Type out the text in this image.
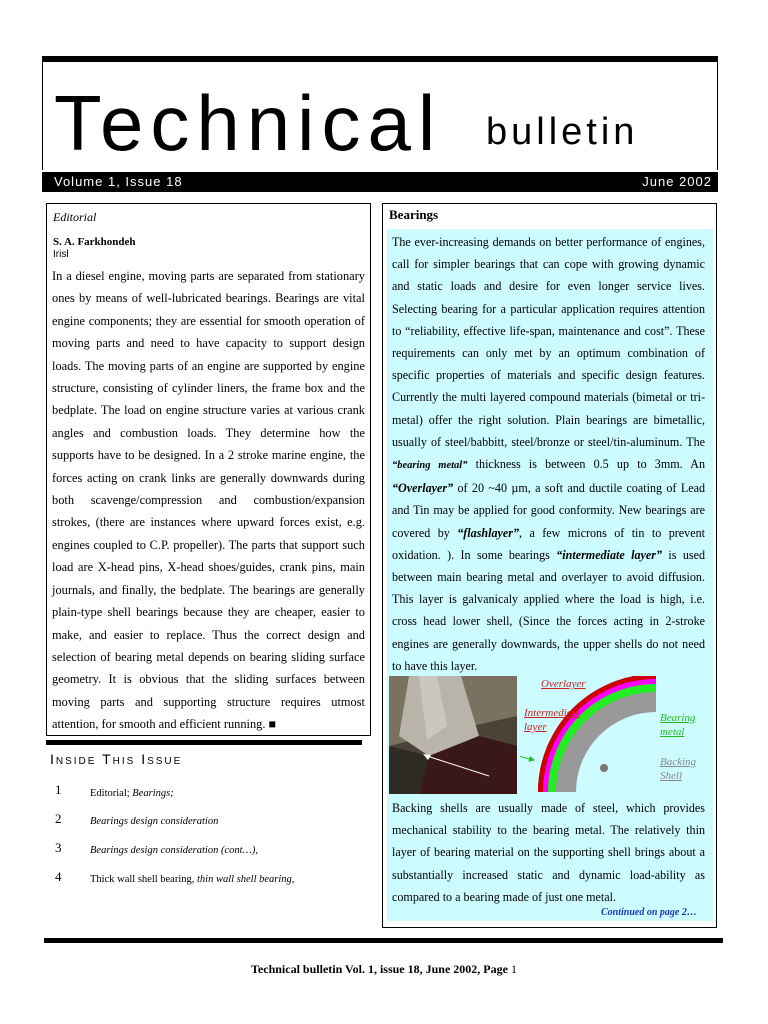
Technical bulletin
Volume 1, Issue 18	June 2002
Editorial
S. A. Farkhondeh
Irisl
In a diesel engine, moving parts are separated from stationary ones by means of well-lubricated bearings. Bearings are vital engine components; they are essential for smooth operation of moving parts and need to have capacity to support design loads. The moving parts of an engine are supported by engine structure, consisting of cylinder liners, the frame box and the bedplate. The load on engine structure varies at various crank angles and combustion loads. They determine how the supports have to be designed. In a 2 stroke marine engine, the forces acting on crank links are generally downwards during both scavenge/compression and combustion/expansion strokes, (there are instances where upward forces exist, e.g. engines coupled to C.P. propeller). The parts that support such load are X-head pins, X-head shoes/guides, crank pins, main journals, and finally, the bedplate. The bearings are generally plain-type shell bearings because they are cheaper, easier to make, and easier to replace. Thus the correct design and selection of bearing metal depends on bearing sliding surface geometry. It is obvious that the sliding surfaces between moving parts and supporting structure requires utmost attention, for smooth and efficient running. ■
Inside This Issue
1	Editorial; Bearings;
2	Bearings design consideration
3	Bearings design consideration (cont…),
4	Thick wall shell bearing, thin wall shell bearing,
Bearings
The ever-increasing demands on better performance of engines, call for simpler bearings that can cope with growing dynamic and static loads and desire for even longer service lives. Selecting bearing for a particular application requires attention to “reliability, effective life-span, maintenance and cost”. These requirements can only met by an optimum combination of specific properties of materials and specific design features. Currently the multi layered compound materials (bimetal or tri-metal) offer the right solution. Plain bearings are bimetallic, usually of steel/babbitt, steel/bronze or steel/tin-aluminum. The “bearing metal” thickness is between 0.5 up to 3mm. An “Overlayer” of 20 ~40 µm, a soft and ductile coating of Lead and Tin may be applied for good conformity. New bearings are covered by “flashlayer”, a few microns of tin to prevent oxidation. ). In some bearings “intermediate layer” is used between main bearing metal and overlayer to avoid diffusion. This layer is galvanicaly applied where the load is high, i.e. cross head lower shell, (Since the forces acting in 2-stroke engines are generally downwards, the upper shells do not need to have this layer.
Overlayer
Intermediate
layer
Bearing
metal
Backing
Shell
Backing shells are usually made of steel, which provides mechanical stability to the bearing metal. The relatively thin layer of bearing material on the supporting shell brings about a substantially increased static and dynamic load-ability as compared to a bearing made of just one metal.
Continued on page 2…
Technical bulletin Vol. 1, issue 18, June 2002, Page 1
